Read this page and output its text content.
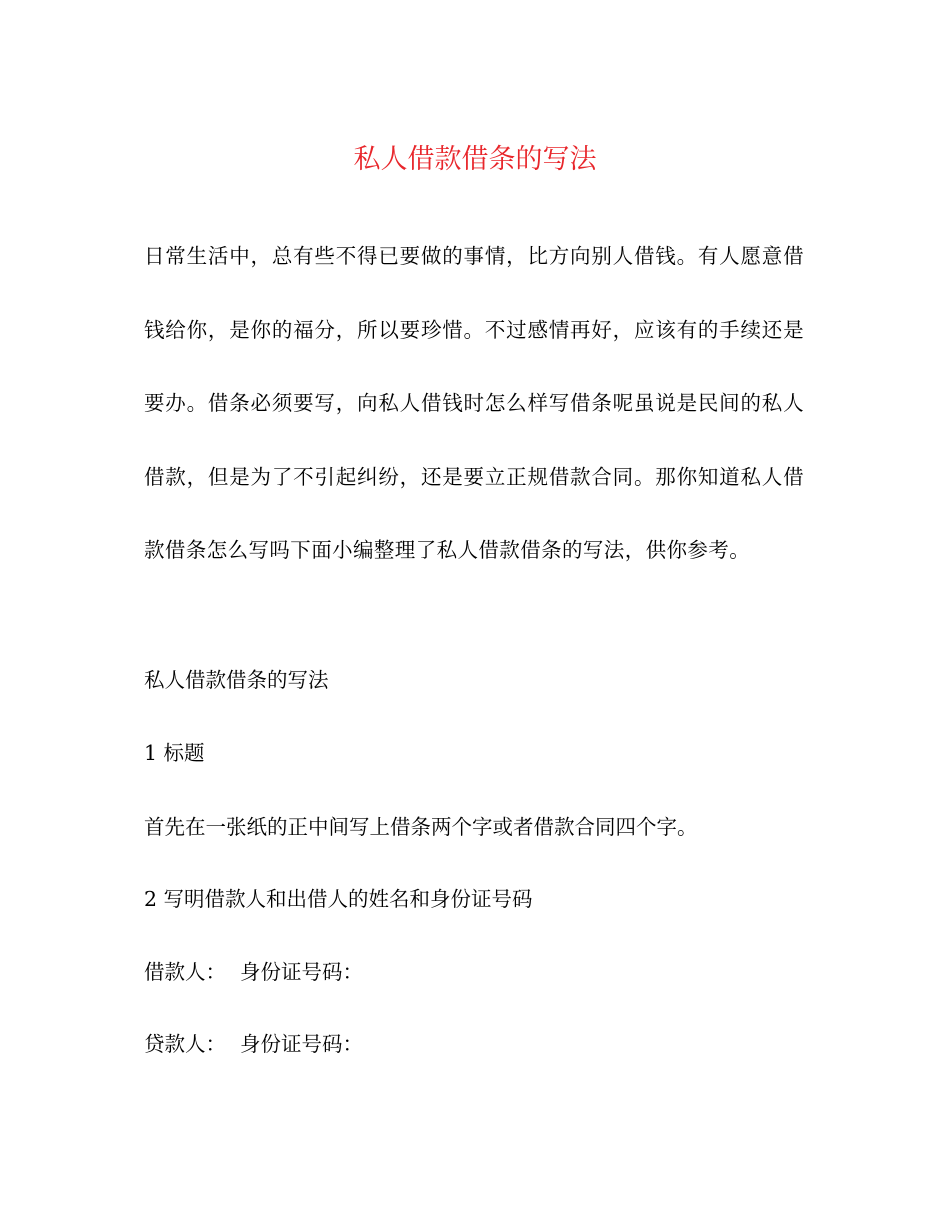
私人借款借条的写法
日常生活中，总有些不得已要做的事情，比方向别人借钱。有人愿意借钱给你，是你的福分，所以要珍惜。不过感情再好，应该有的手续还是要办。借条必须要写，向私人借钱时怎么样写借条呢虽说是民间的私人借款，但是为了不引起纠纷，还是要立正规借款合同。那你知道私人借款借条怎么写吗下面小编整理了私人借款借条的写法，供你参考。
私人借款借条的写法
1 标题
首先在一张纸的正中间写上借条两个字或者借款合同四个字。
2 写明借款人和出借人的姓名和身份证号码
借款人： 身份证号码：
贷款人： 身份证号码：
